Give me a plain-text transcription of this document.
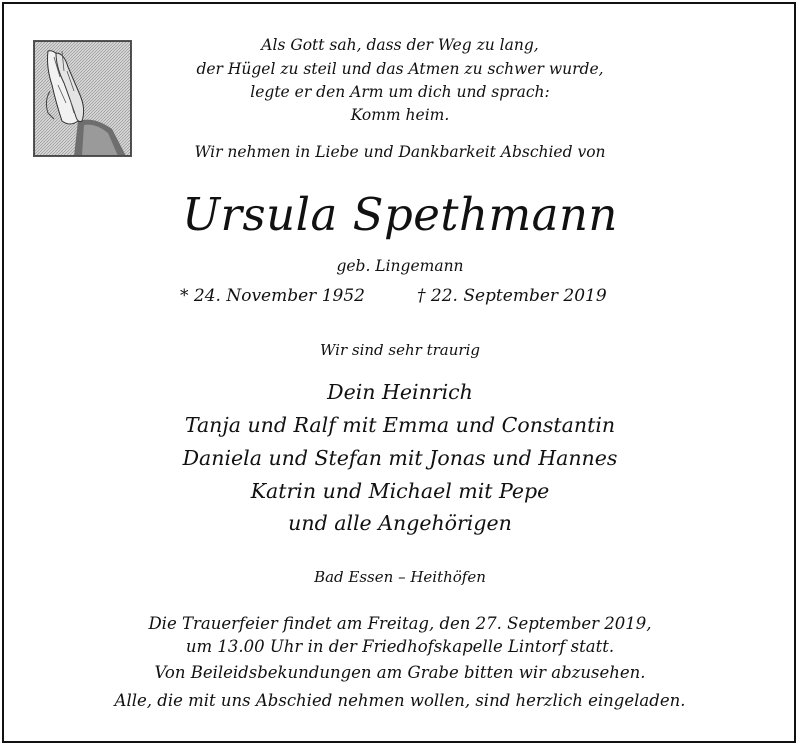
Als Gott sah, dass der Weg zu lang,
der Hügel zu steil und das Atmen zu schwer wurde,
legte er den Arm um dich und sprach:
Komm heim.
Wir nehmen in Liebe und Dankbarkeit Abschied von
Ursula Spethmann
geb. Lingemann
* 24. November 1952	† 22. September 2019
Wir sind sehr traurig
Dein Heinrich
Tanja und Ralf mit Emma und Constantin
Daniela und Stefan mit Jonas und Hannes
Katrin und Michael mit Pepe
und alle Angehörigen
Bad Essen – Heithöfen
Die Trauerfeier findet am Freitag, den 27. September 2019,
um 13.00 Uhr in der Friedhofskapelle Lintorf statt.
Von Beileidsbekundungen am Grabe bitten wir abzusehen.
Alle, die mit uns Abschied nehmen wollen, sind herzlich eingeladen.
